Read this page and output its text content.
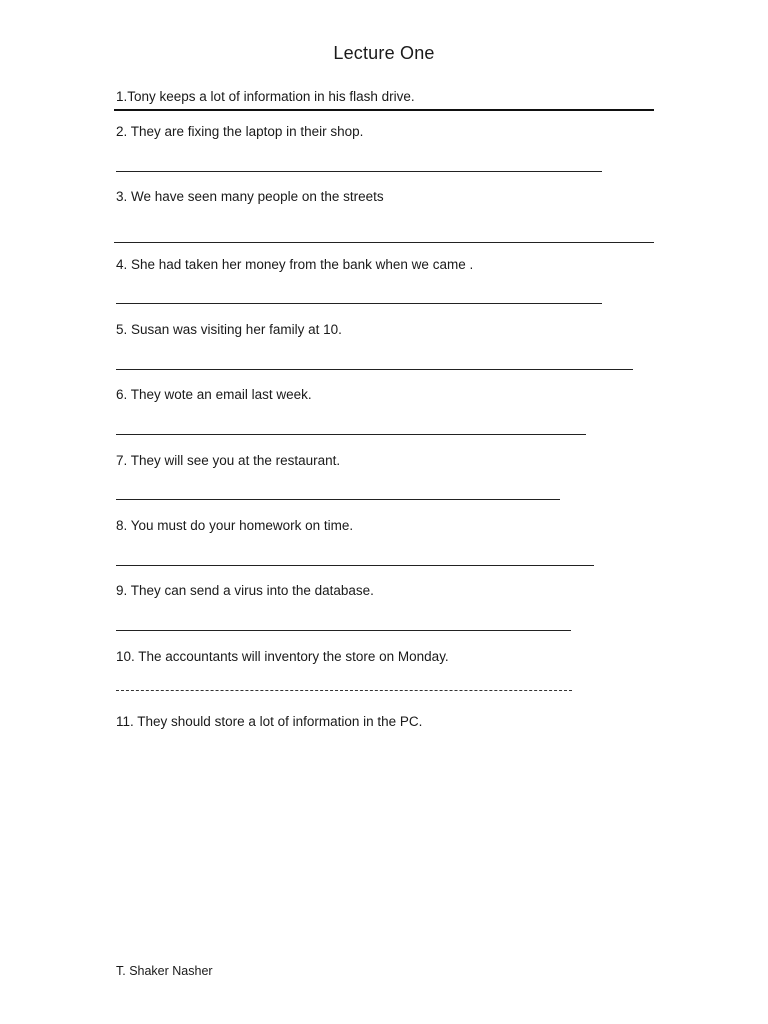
Lecture One
1.Tony keeps a lot of information in his flash drive.
2. They are fixing the laptop in their shop.
3. We have seen many people on the streets
4. She had taken her money from the bank when we came .
5. Susan was visiting her family at 10.
6. They wote an email last week.
7. They will see you at the restaurant.
8. You must do your homework on time.
9. They can send a virus into the database.
10. The accountants will inventory the store on Monday.
11. They should store a lot of information in the PC.
T. Shaker Nasher
